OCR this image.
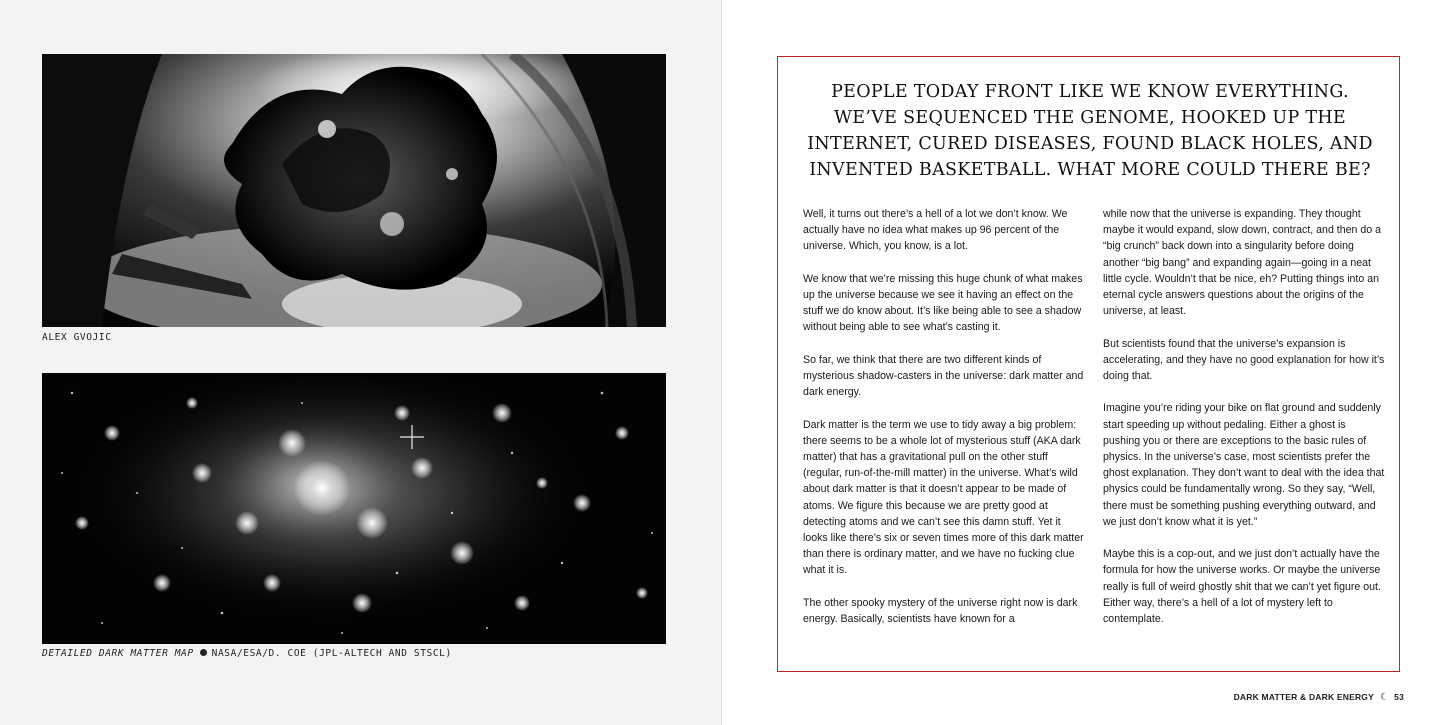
ALEX GVOJIC
DETAILED DARK MATTER MAP NASA/ESA/D. COE (JPL-ALTECH AND STSCL)
PEOPLE TODAY FRONT LIKE WE KNOW EVERYTHING.
WE’VE SEQUENCED THE GENOME, HOOKED UP THE
INTERNET, CURED DISEASES, FOUND BLACK HOLES, AND
INVENTED BASKETBALL. WHAT MORE COULD THERE BE?

Well, it turns out there’s a hell of a lot we don’t know. We actually have no idea what makes up 96 percent of the universe. Which, you know, is a lot.

We know that we’re missing this huge chunk of what makes up the universe because we see it having an effect on the stuff we do know about. It’s like being able to see a shadow without being able to see what’s casting it.

So far, we think that there are two different kinds of mysterious shadow-casters in the universe: dark matter and dark energy.

Dark matter is the term we use to tidy away a big problem: there seems to be a whole lot of mysterious stuff (AKA dark matter) that has a gravitational pull on the other stuff (regular, run-of-the-mill matter) in the universe. What’s wild about dark matter is that it doesn’t appear to be made of atoms. We figure this because we are pretty good at detecting atoms and we can’t see this damn stuff. Yet it looks like there’s six or seven times more of this dark matter than there is ordinary matter, and we have no fucking clue what it is.

The other spooky mystery of the universe right now is dark energy. Basically, scientists have known for a

while now that the universe is expanding. They thought maybe it would expand, slow down, contract, and then do a “big crunch” back down into a singularity before doing another “big bang” and expanding again—going in a neat little cycle. Wouldn’t that be nice, eh? Putting things into an eternal cycle answers questions about the origins of the universe, at least.

But scientists found that the universe’s expansion is accelerating, and they have no good explanation for how it’s doing that.

Imagine you’re riding your bike on flat ground and suddenly start speeding up without pedaling. Either a ghost is pushing you or there are exceptions to the basic rules of physics. In the universe’s case, most scientists prefer the ghost explanation. They don’t want to deal with the idea that physics could be fundamentally wrong. So they say, “Well, there must be something pushing everything outward, and we just don’t know what it is yet.”

Maybe this is a cop-out, and we just don’t actually have the formula for how the universe works. Or maybe the universe really is full of weird ghostly shit that we can’t yet figure out. Either way, there’s a hell of a lot of mystery left to contemplate.

DARK MATTER & DARK ENERGY ☾ 53
